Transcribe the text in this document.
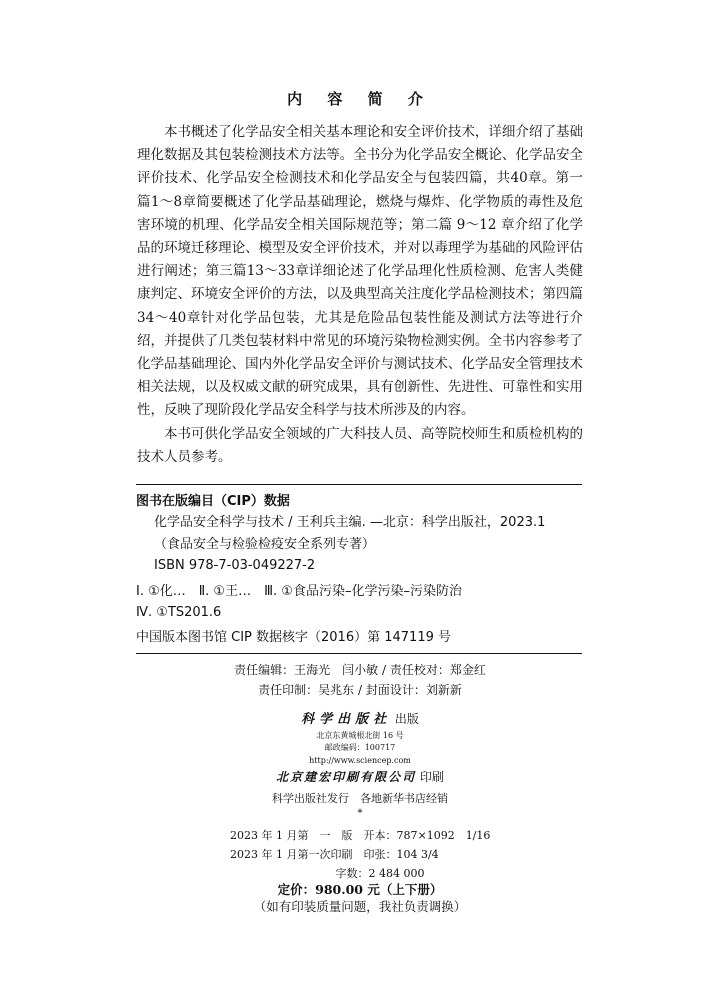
内 容 简 介

本书概述了化学品安全相关基本理论和安全评价技术，详细介绍了基础理化数据及其包装检测技术方法等。全书分为化学品安全概论、化学品安全评价技术、化学品安全检测技术和化学品安全与包装四篇，共40章。第一篇1～8章简要概述了化学品基础理论，燃烧与爆炸、化学物质的毒性及危害环境的机理、化学品安全相关国际规范等；第二篇 9～12 章介绍了化学品的环境迁移理论、模型及安全评价技术，并对以毒理学为基础的风险评估进行阐述；第三篇13～33章详细论述了化学品理化性质检测、危害人类健康判定、环境安全评价的方法，以及典型高关注度化学品检测技术；第四篇34～40章针对化学品包装，尤其是危险品包装性能及测试方法等进行介绍，并提供了几类包装材料中常见的环境污染物检测实例。全书内容参考了化学品基础理论、国内外化学品安全评价与测试技术、化学品安全管理技术相关法规，以及权威文献的研究成果，具有创新性、先进性、可靠性和实用性，反映了现阶段化学品安全科学与技术所涉及的内容。

本书可供化学品安全领域的广大科技人员、高等院校师生和质检机构的技术人员参考。

图书在版编目（CIP）数据
化学品安全科学与技术 / 王利兵主编. —北京：科学出版社，2023.1
（食品安全与检验检疫安全系列专著）
ISBN 978-7-03-049227-2
Ⅰ. ①化…　Ⅱ. ①王…　Ⅲ. ①食品污染–化学污染–污染防治
Ⅳ. ①TS201.6
中国版本图书馆 CIP 数据核字（2016）第 147119 号
责任编辑：王海光　闫小敏 / 责任校对：郑金红
责任印制：吴兆东 / 封面设计：刘新新
科学出版社 出版
北京东黄城根北街 16 号
邮政编码：100717
http://www.sciencep.com
北京建宏印刷有限公司 印刷
科学出版社发行　各地新华书店经销
*
2023 年 1 月第　一　版　开本：787×1092　1/16
2023 年 1 月第一次印刷　印张：104 3/4
字数：2 484 000
定价：980.00 元（上下册）
（如有印装质量问题，我社负责调换）
